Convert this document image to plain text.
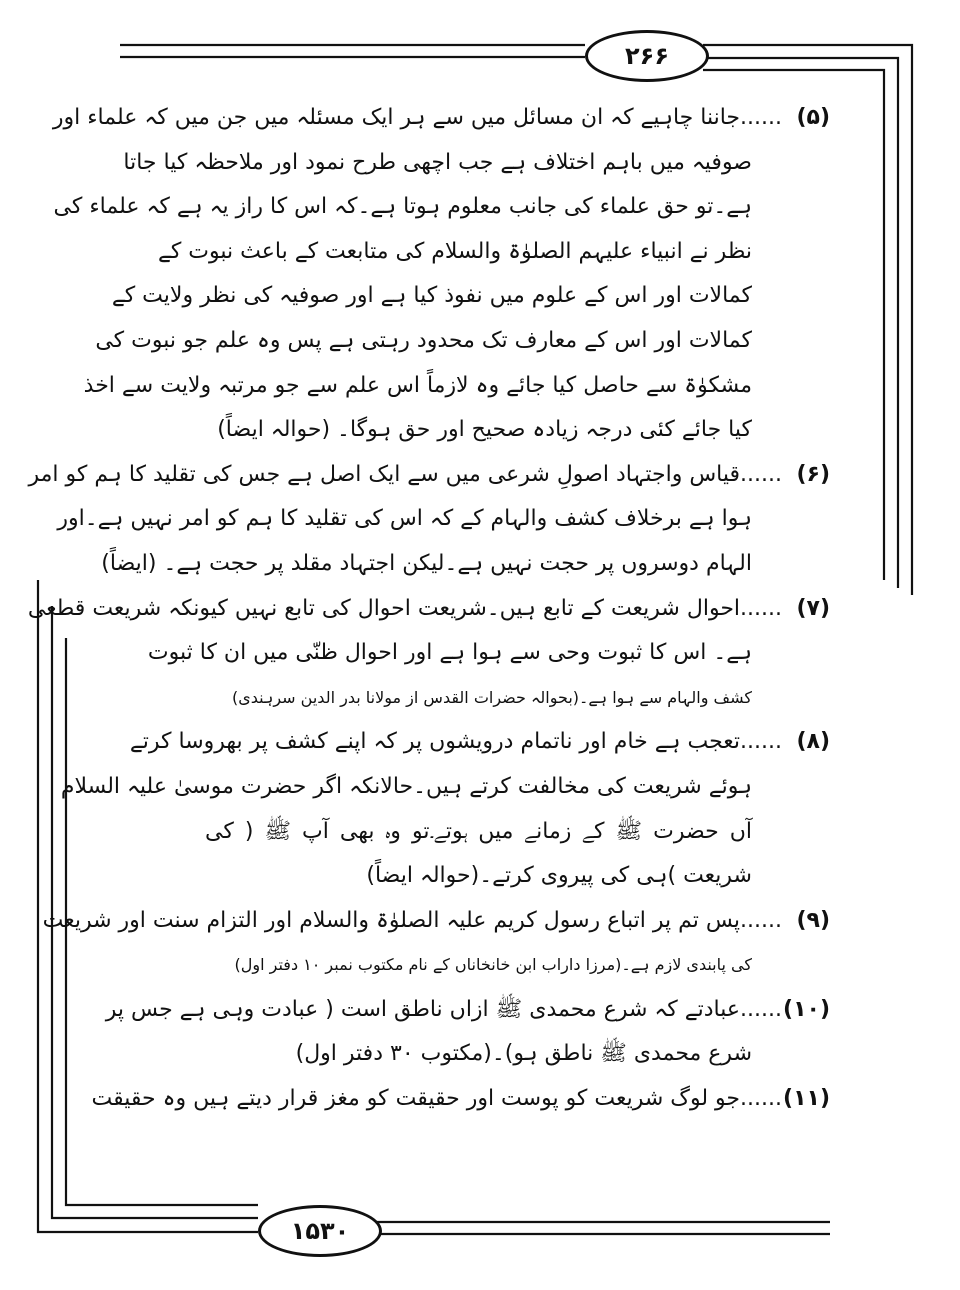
۲۶۶
۱۵۳۰
(۵)......جاننا چاہیے کہ ان مسائل میں سے ہر ایک مسئلہ میں جن میں کہ علماء اور
صوفیہ میں باہم اختلاف ہے جب اچھی طرح نمود اور ملاحظہ کیا جاتا
ہے۔تو حق علماء کی جانب معلوم ہوتا ہے۔کہ اس کا راز یہ ہے کہ علماء کی
نظر نے انبیاء علیہم الصلوٰۃ والسلام کی متابعت کے باعث نبوت کے
کمالات اور اس کے علوم میں نفوذ کیا ہے اور صوفیہ کی نظر ولایت کے
کمالات اور اس کے معارف تک محدود رہتی ہے پس وہ علم جو نبوت کی
مشکوٰۃ سے حاصل کیا جائے وہ لازماً اس علم سے جو مرتبہ ولایت سے اخذ
کیا جائے کئی درجہ زیادہ صحیح اور حق ہوگا۔ (حوالہ ایضاً)
(۶)......قیاس واجتہاد اصولِ شرعی میں سے ایک اصل ہے جس کی تقلید کا ہم کو امر
ہوا ہے برخلاف کشف والہام کے کہ اس کی تقلید کا ہم کو امر نہیں ہے۔اور
الہام دوسروں پر حجت نہیں ہے۔لیکن اجتہاد مقلد پر حجت ہے۔ (ایضاً)
(۷)......احوال شریعت کے تابع ہیں۔شریعت احوال کی تابع نہیں کیونکہ شریعت قطعی
ہے۔ اس کا ثبوت وحی سے ہوا ہے اور احوال ظنّی میں ان کا ثبوت
کشف والہام سے ہوا ہے۔(بحوالہ حضرات القدس از مولانا بدر الدین سرہندی)
(۸)......تعجب ہے خام اور ناتمام درویشوں پر کہ اپنے کشف پر بھروسا کرتے
ہوئے شریعت کی مخالفت کرتے ہیں۔حالانکہ اگر حضرت موسیٰ علیہ السلام
آں حضرت ﷺ کے زمانے میں ہوتے۔تو وہ بھی آپ ﷺ ( کی
شریعت )ہی کی پیروی کرتے۔(حوالہ ایضاً)
(۹)......پس تم پر اتباع رسول کریم علیہ الصلوٰۃ والسلام اور التزام سنت اور شریعت
کی پابندی لازم ہے۔(مرزا داراب ابن خانخاناں کے نام مکتوب نمبر ۱۰ دفتر اول)
(۱۰)......عبادتے کہ شرع محمدی ﷺ ازاں ناطق است ( عبادت وہی ہے جس پر
شرع محمدی ﷺ ناطق ہو)۔(مکتوب ۳۰ دفتر اول)
(۱۱)......جو لوگ شریعت کو پوست اور حقیقت کو مغز قرار دیتے ہیں وہ حقیقت
